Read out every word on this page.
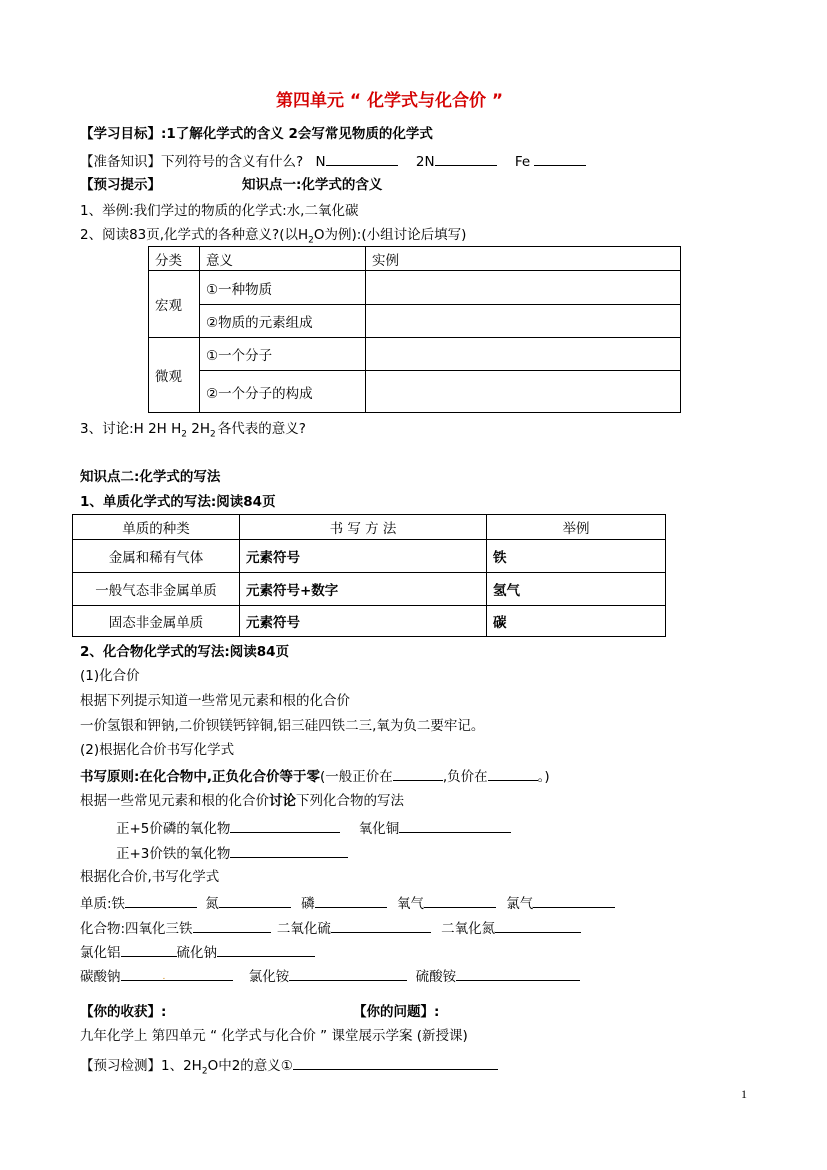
第四单元 “ 化学式与化合价 ”
【学习目标】:1了解化学式的含义 2会写常见物质的化学式
【准备知识】下列符号的含义有什么? N	2N	Fe
【预习提示】	知识点一:化学式的含义
1、举例:我们学过的物质的化学式:水,二氧化碳
2、阅读83页,化学式的各种意义?(以$H_2O$为例):(小组讨论后填写)
分类	意义	实例
宏观	①一种物质	
	②物质的元素组成	
微观	①一个分子	
	②一个分子的构成	
3、讨论:H 2H $H_2$ $2H_2$ 各代表的意义?
知识点二:化学式的写法
1、单质化学式的写法:阅读84页
单质的种类	书 写 方 法	举例
金属和稀有气体	元素符号	铁
一般气态非金属单质	元素符号+数字	氢气
固态非金属单质	元素符号	碳
2、化合物化学式的写法:阅读84页
(1)化合价
根据下列提示知道一些常见元素和根的化合价
一价氢银和钾钠,二价钡镁钙锌铜,铝三硅四铁二三,氧为负二要牢记。
(2)根据化合价书写化学式
书写原则:在化合物中,正负化合价等于零(一般正价在	,负价在	。)
根据一些常见元素和根的化合价讨论下列化合物的写法
正+5价磷的氧化物	氧化铜
正+3价铁的氧化物
根据化合价,书写化学式
单质:铁	氮	磷	氧气	氯气
化合物:四氧化三铁	二氧化硫	二氧化氮
氯化铝	硫化钠
碳酸钠	.	氯化铵	硫酸铵
【你的收获】:	【你的问题】:
九年化学上 第四单元 “ 化学式与化合价 ” 课堂展示学案 (新授课)
【预习检测】1、$2H_2O$中2的意义①
1
